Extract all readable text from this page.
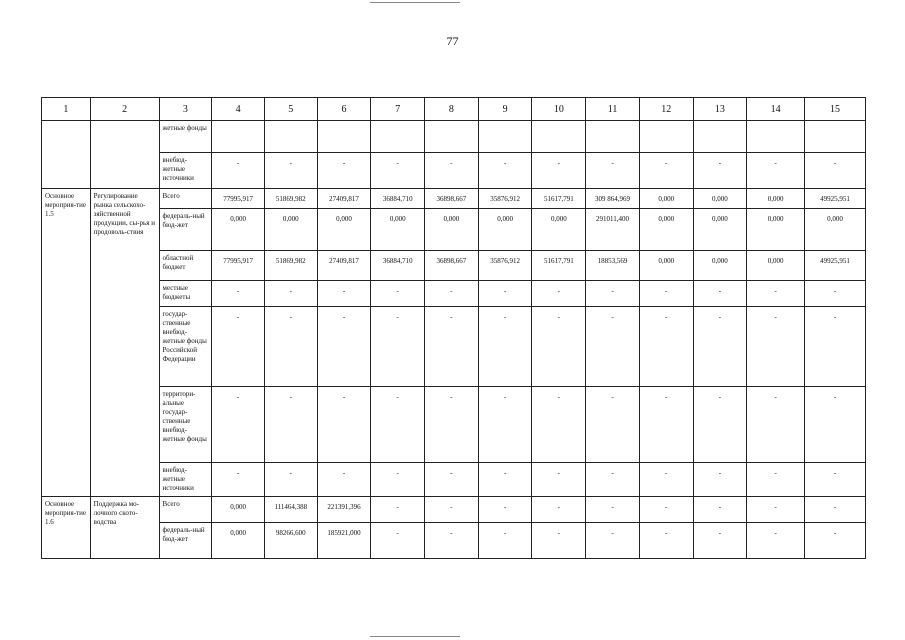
77
1	2	3	4	5	6	7	8	9	10	11	12	13	14	15
		жетные фонды												
		внебюд-жетные источники	-	-	-	-	-	-	-	-	-	-	-	-
Основное мероприя-тие 1.5	Регулирование рынка сельскохо-зяйственной продукции, сы-рья и продоволь-ствия	Всего	77995,917	51869,982	27409,817	36884,710	36898,667	35876,912	51617,791	309 864,969	0,000	0,000	0,000	49925,951
		федераль-ный бюд-жет	0,000	0,000	0,000	0,000	0,000	0,000	0,000	291011,400	0,000	0,000	0,000	0,000
		областной бюджет	77995,917	51869,982	27409,817	36884,710	36898,667	35876,912	51617,791	18853,569	0,000	0,000	0,000	49925,951
		местные бюджеты	-	-	-	-	-	-	-	-	-	-	-	-
		государ-ственные внебюд-жетные фонды Российской Федерации	-	-	-	-	-	-	-	-	-	-	-	-
		территори-альные государ-ственные внебюд-жетные фонды	-	-	-	-	-	-	-	-	-	-	-	-
		внебюд-жетные источники	-	-	-	-	-	-	-	-	-	-	-	-
Основное мероприя-тие 1.6	Поддержка мо-лочного ското-водства	Всего	0,000	111464,388	221391,396	-	-	-	-	-	-	-	-	-
		федераль-ный бюд-жет	0,000	98266,600	185921,000	-	-	-	-	-	-	-	-	-
